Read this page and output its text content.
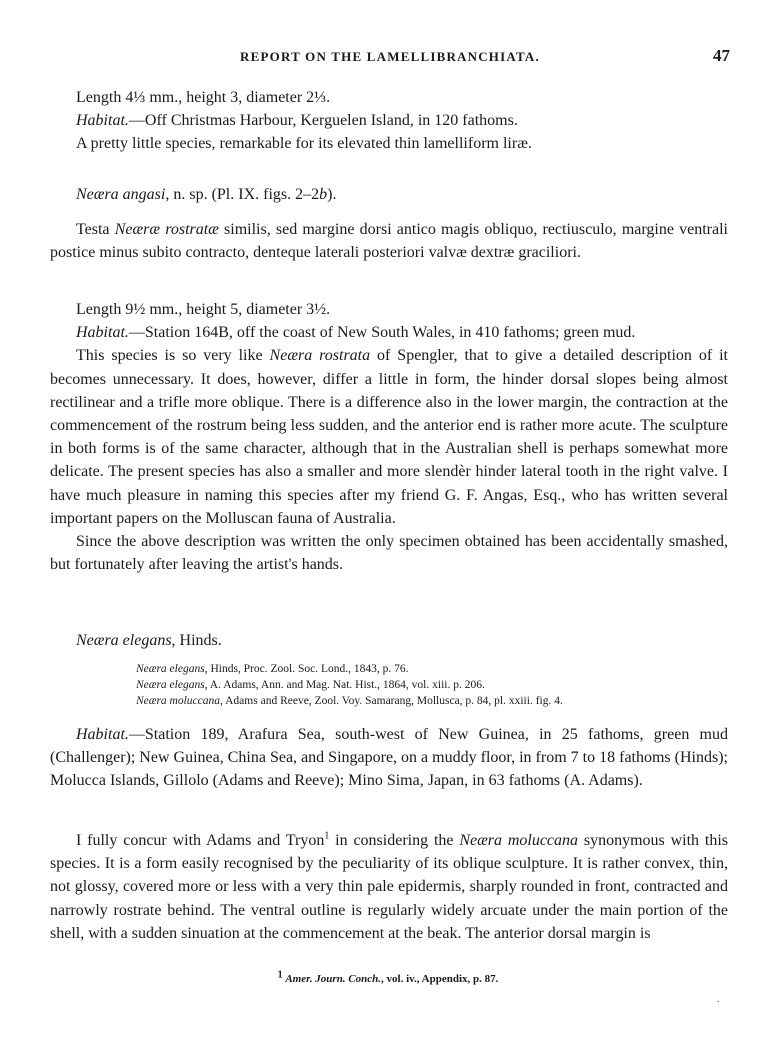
REPORT ON THE LAMELLIBRANCHIATA.	47
Length 4⅓ mm., height 3, diameter 2⅓.
Habitat.—Off Christmas Harbour, Kerguelen Island, in 120 fathoms.
A pretty little species, remarkable for its elevated thin lamelliform liræ.
Neæra angasi, n. sp. (Pl. IX. figs. 2–2b).
Testa Neæræ rostratæ similis, sed margine dorsi antico magis obliquo, rectiusculo, margine ventrali postice minus subito contracto, denteque laterali posteriori valvæ dextræ graciliori.
Length 9½ mm., height 5, diameter 3½.
Habitat.—Station 164B, off the coast of New South Wales, in 410 fathoms; green mud.
This species is so very like Neæra rostrata of Spengler, that to give a detailed description of it becomes unnecessary. It does, however, differ a little in form, the hinder dorsal slopes being almost rectilinear and a trifle more oblique. There is a difference also in the lower margin, the contraction at the commencement of the rostrum being less sudden, and the anterior end is rather more acute. The sculpture in both forms is of the same character, although that in the Australian shell is perhaps somewhat more delicate. The present species has also a smaller and more slendèr hinder lateral tooth in the right valve. I have much pleasure in naming this species after my friend G. F. Angas, Esq., who has written several important papers on the Molluscan fauna of Australia.
Since the above description was written the only specimen obtained has been accidentally smashed, but fortunately after leaving the artist's hands.
Neæra elegans, Hinds.
Neæra elegans, Hinds, Proc. Zool. Soc. Lond., 1843, p. 76.
Neæra elegans, A. Adams, Ann. and Mag. Nat. Hist., 1864, vol. xiii. p. 206.
Neæra moluccana, Adams and Reeve, Zool. Voy. Samarang, Mollusca, p. 84, pl. xxiii. fig. 4.
Habitat.—Station 189, Arafura Sea, south-west of New Guinea, in 25 fathoms, green mud (Challenger); New Guinea, China Sea, and Singapore, on a muddy floor, in from 7 to 18 fathoms (Hinds); Molucca Islands, Gillolo (Adams and Reeve); Mino Sima, Japan, in 63 fathoms (A. Adams).
I fully concur with Adams and Tryon$^1$ in considering the Neæra moluccana synonymous with this species. It is a form easily recognised by the peculiarity of its oblique sculpture. It is rather convex, thin, not glossy, covered more or less with a very thin pale epidermis, sharply rounded in front, contracted and narrowly rostrate behind. The ventral outline is regularly widely arcuate under the main portion of the shell, with a sudden sinuation at the commencement at the beak. The anterior dorsal margin is
$^1$ Amer. Journ. Conch., vol. iv., Appendix, p. 87.
.
